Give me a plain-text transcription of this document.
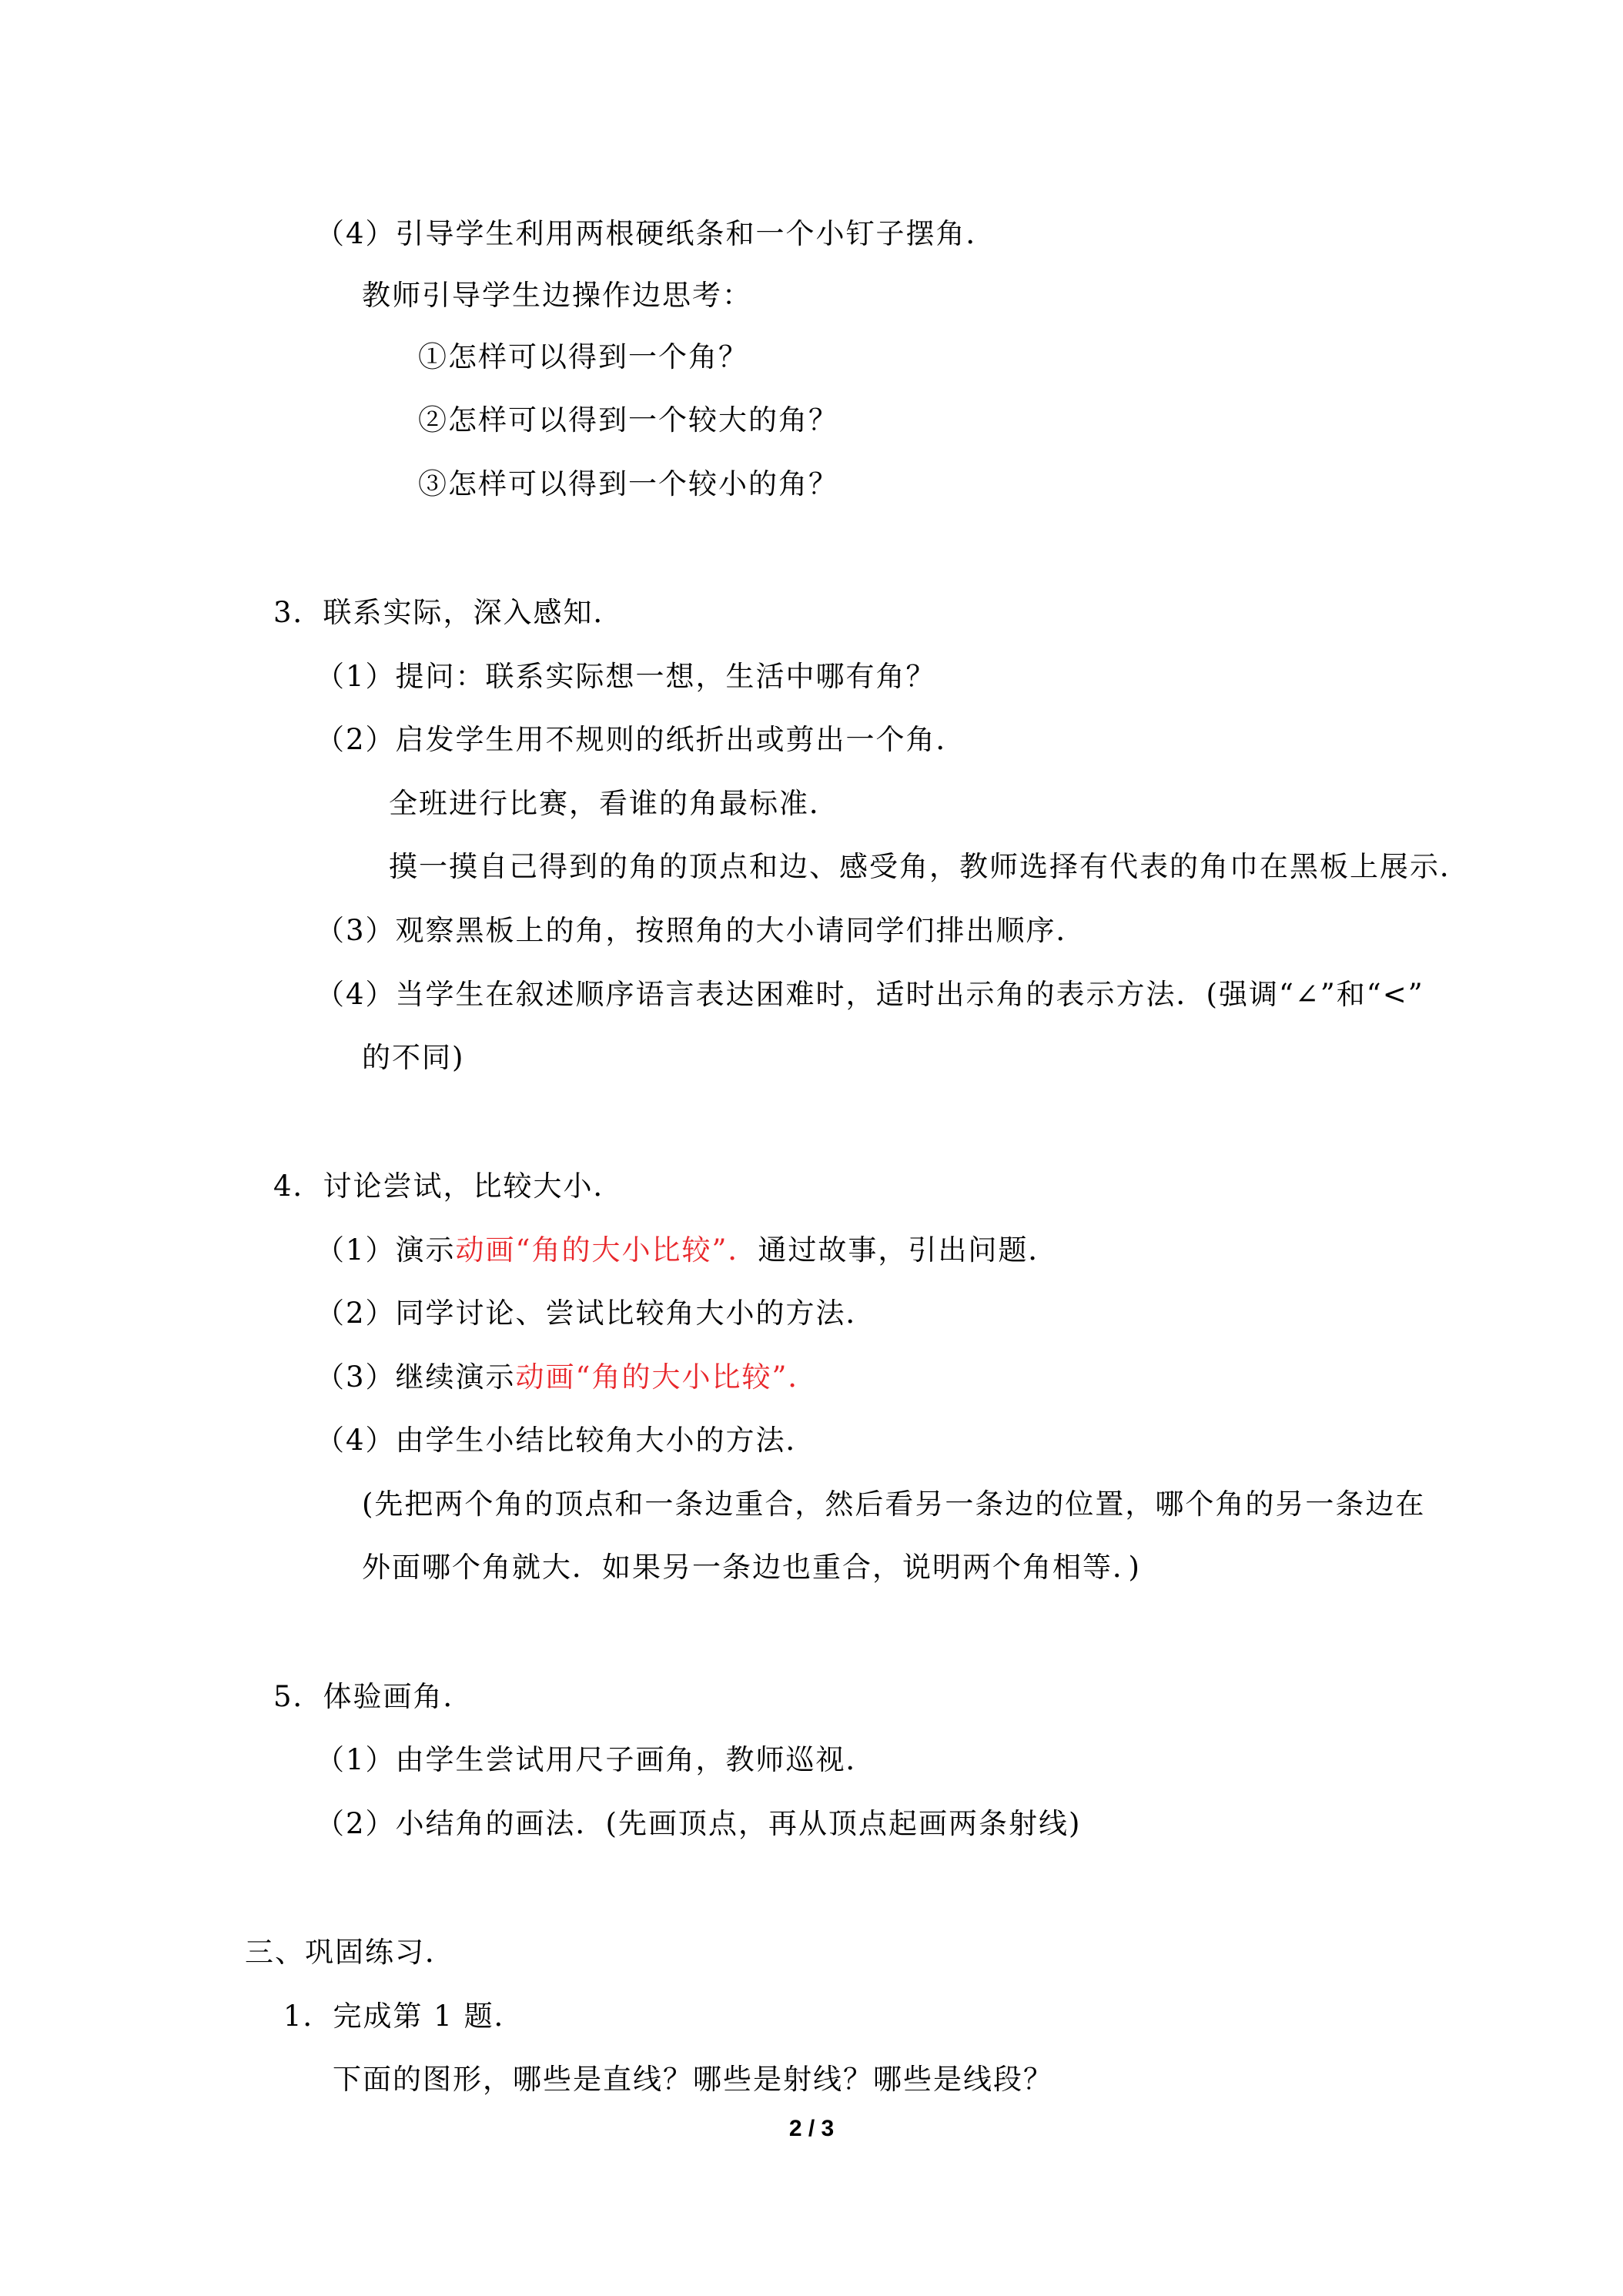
（4）引导学生利用两根硬纸条和一个小钉子摆角．
教师引导学生边操作边思考：
①怎样可以得到一个角？
②怎样可以得到一个较大的角？
③怎样可以得到一个较小的角？
3．联系实际，深入感知．
（1）提问：联系实际想一想，生活中哪有角？
（2）启发学生用不规则的纸折出或剪出一个角．
全班进行比赛，看谁的角最标准．
摸一摸自己得到的角的顶点和边、感受角，教师选择有代表的角巾在黑板上展示．
（3）观察黑板上的角，按照角的大小请同学们排出顺序．
（4）当学生在叙述顺序语言表达困难时，适时出示角的表示方法．(强调“∠”和“<”
的不同)
4．讨论尝试，比较大小．
（1）演示动画“角的大小比较”．通过故事，引出问题．
（2）同学讨论、尝试比较角大小的方法．
（3）继续演示动画“角的大小比较”．
（4）由学生小结比较角大小的方法．
(先把两个角的顶点和一条边重合，然后看另一条边的位置，哪个角的另一条边在
外面哪个角就大．如果另一条边也重合，说明两个角相等．)
5．体验画角．
（1）由学生尝试用尺子画角，教师巡视．
（2）小结角的画法．(先画顶点，再从顶点起画两条射线)
三、巩固练习．
1．完成第 1 题．
下面的图形，哪些是直线？哪些是射线？哪些是线段？
2 / 3
